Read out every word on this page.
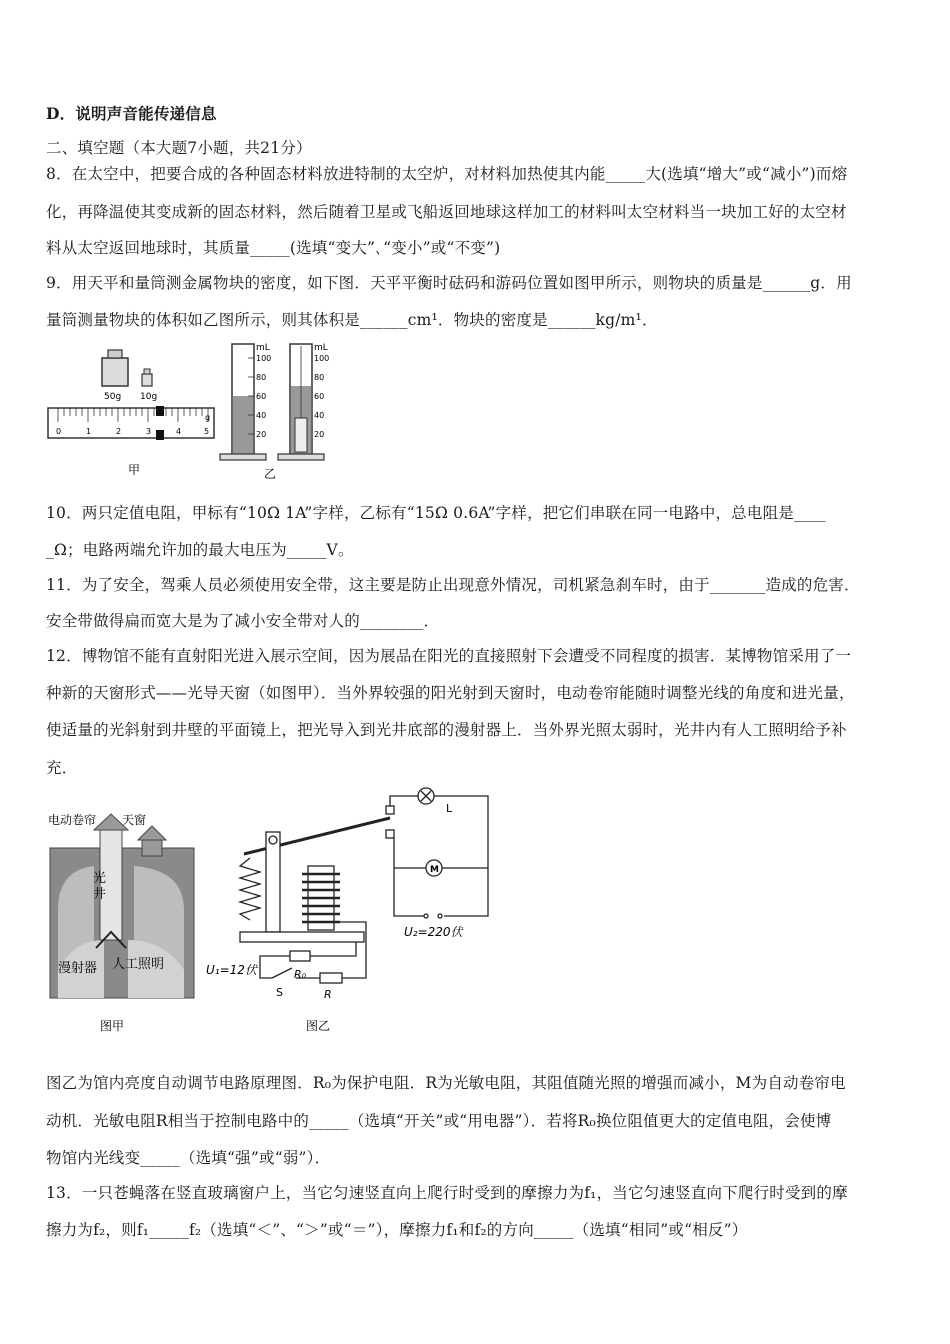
D．说明声音能传递信息
二、填空题（本大题7小题，共21分）
8．在太空中，把要合成的各种固态材料放进特制的太空炉，对材料加热使其内能_____大(选填“增大”或“减小”)而熔
化，再降温使其变成新的固态材料，然后随着卫星或飞船返回地球这样加工的材料叫太空材料当一块加工好的太空材
料从太空返回地球时，其质量_____(选填“变大”､“变小”或“不变”)
9．用天平和量筒测金属物块的密度，如下图．天平平衡时砝码和游码位置如图甲所示，则物块的质量是______g．用
量筒测量物块的体积如乙图所示，则其体积是______cm¹．物块的密度是______kg/m¹．
50g 10g
0	1	2	3	4	5
g
甲
mL
100
80
60
40
20
mL
100
80
60
40
20
乙
10．两只定值电阻，甲标有“10Ω 1A”字样，乙标有“15Ω 0.6A”字样，把它们串联在同一电路中，总电阻是____
_Ω；电路两端允许加的最大电压为_____V。
11．为了安全，驾乘人员必须使用安全带，这主要是防止出现意外情况，司机紧急刹车时，由于_______造成的危害．
安全带做得扁而宽大是为了减小安全带对人的________．
12．博物馆不能有直射阳光进入展示空间，因为展品在阳光的直接照射下会遭受不同程度的损害．某博物馆采用了一
种新的天窗形式——光导天窗（如图甲）．当外界较强的阳光射到天窗时，电动卷帘能随时调整光线的角度和进光量，
使适量的光斜射到井壁的平面镜上，把光导入到光井底部的漫射器上．当外界光照太弱时，光井内有人工照明给予补
充．
电动卷帘 天窗
光
井
漫射器 人工照明
图甲
M
L
U₂=220伏
U₁=12伏	R₀
S	R
图乙
图乙为馆内亮度自动调节电路原理图．R₀为保护电阻．R为光敏电阻，其阻值随光照的增强而减小，M为自动卷帘电
动机．光敏电阻R相当于控制电路中的_____（选填“开关”或“用电器”）．若将R₀换位阻值更大的定值电阻，会使博
物馆内光线变_____（选填“强”或“弱”）．
13．一只苍蝇落在竖直玻璃窗户上，当它匀速竖直向上爬行时受到的摩擦力为f₁，当它匀速竖直向下爬行时受到的摩
擦力为f₂，则f₁_____f₂（选填“＜”、“＞”或“＝”），摩擦力f₁和f₂的方向_____（选填“相同”或“相反”）
